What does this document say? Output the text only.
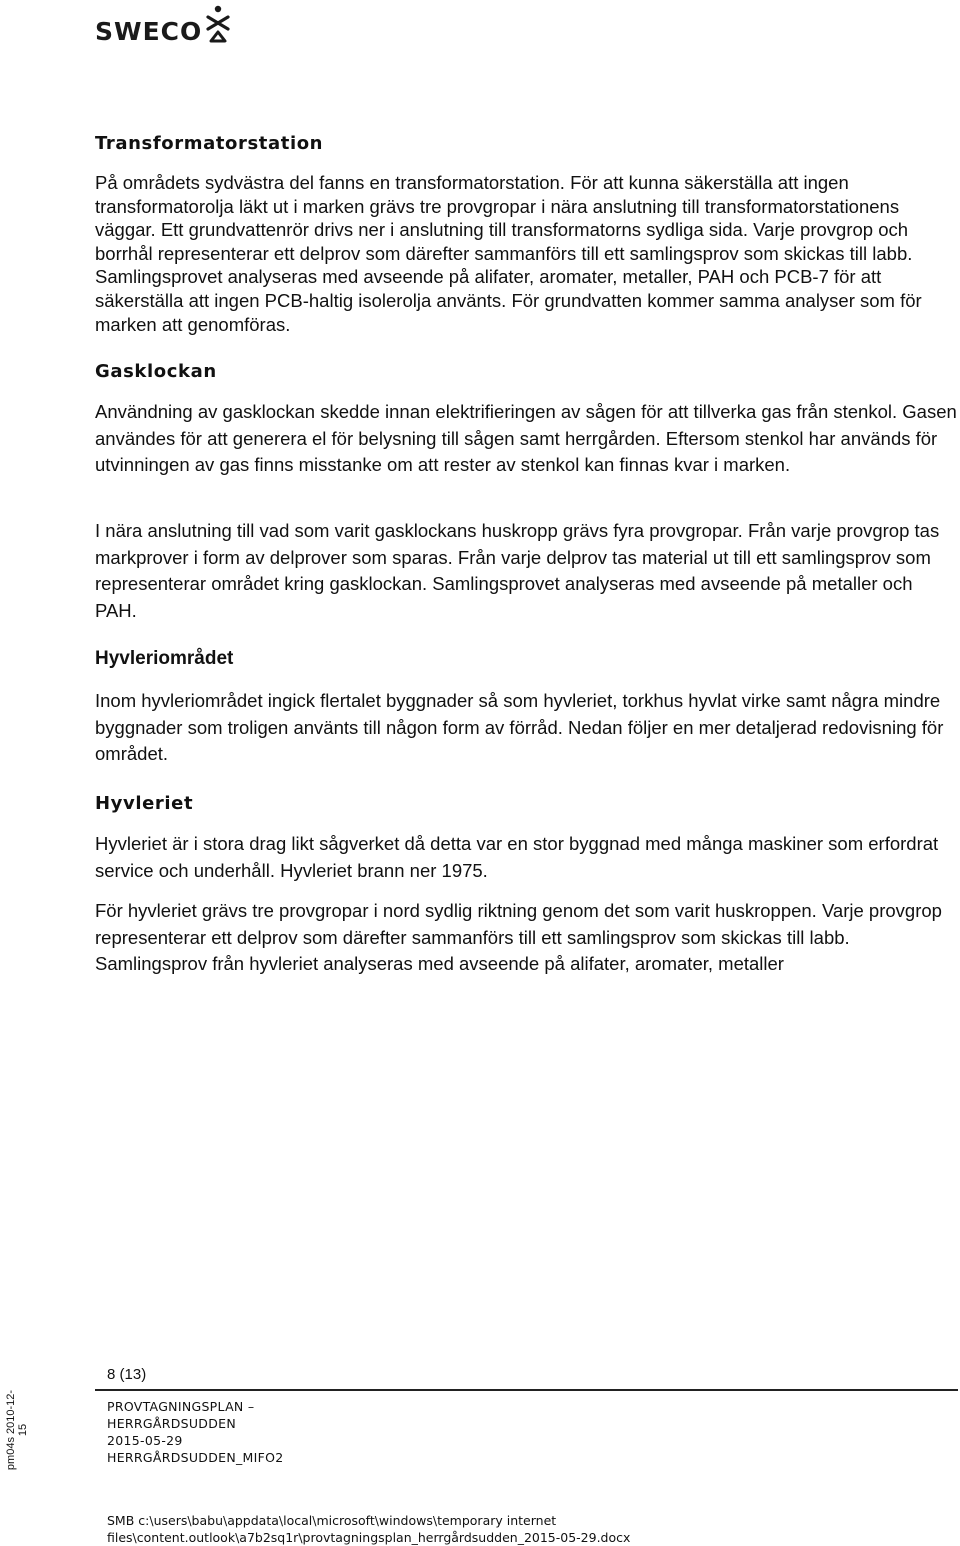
SWECO
Transformatorstation

På områdets sydvästra del fanns en transformatorstation. För att kunna säkerställa att ingen transformatorolja läkt ut i marken grävs tre provgropar i nära anslutning till transformatorstationens väggar. Ett grundvattenrör drivs ner i anslutning till transformatorns sydliga sida. Varje provgrop och borrhål representerar ett delprov som därefter sammanförs till ett samlingsprov som skickas till labb. Samlingsprovet analyseras med avseende på alifater, aromater, metaller, PAH och PCB-7 för att säkerställa att ingen PCB-haltig isolerolja använts. För grundvatten kommer samma analyser som för marken att genomföras.

Gasklockan

Användning av gasklockan skedde innan elektrifieringen av sågen för att tillverka gas från stenkol. Gasen användes för att generera el för belysning till sågen samt herrgården. Eftersom stenkol har används för utvinningen av gas finns misstanke om att rester av stenkol kan finnas kvar i marken.

I nära anslutning till vad som varit gasklockans huskropp grävs fyra provgropar. Från varje provgrop tas markprover i form av delprover som sparas. Från varje delprov tas material ut till ett samlingsprov som representerar området kring gasklockan. Samlingsprovet analyseras med avseende på metaller och PAH.

Hyvleriområdet

Inom hyvleriområdet ingick flertalet byggnader så som hyvleriet, torkhus hyvlat virke samt några mindre byggnader som troligen använts till någon form av förråd. Nedan följer en mer detaljerad redovisning för området.

Hyvleriet

Hyvleriet är i stora drag likt sågverket då detta var en stor byggnad med många maskiner som erfordrat service och underhåll. Hyvleriet brann ner 1975.

För hyvleriet grävs tre provgropar i nord sydlig riktning genom det som varit huskroppen. Varje provgrop representerar ett delprov som därefter sammanförs till ett samlingsprov som skickas till labb. Samlingsprov från hyvleriet analyseras med avseende på alifater, aromater, metaller

8 (13)
pm04s 2010-12-15
PROVTAGNINGSPLAN –
HERRGÅRDSUDDEN
2015-05-29
HERRGÅRDSUDDEN_MIFO2
SMB c:\users\babu\appdata\local\microsoft\windows\temporary internet
files\content.outlook\a7b2sq1r\provtagningsplan_herrgårdsudden_2015-05-29.docx
